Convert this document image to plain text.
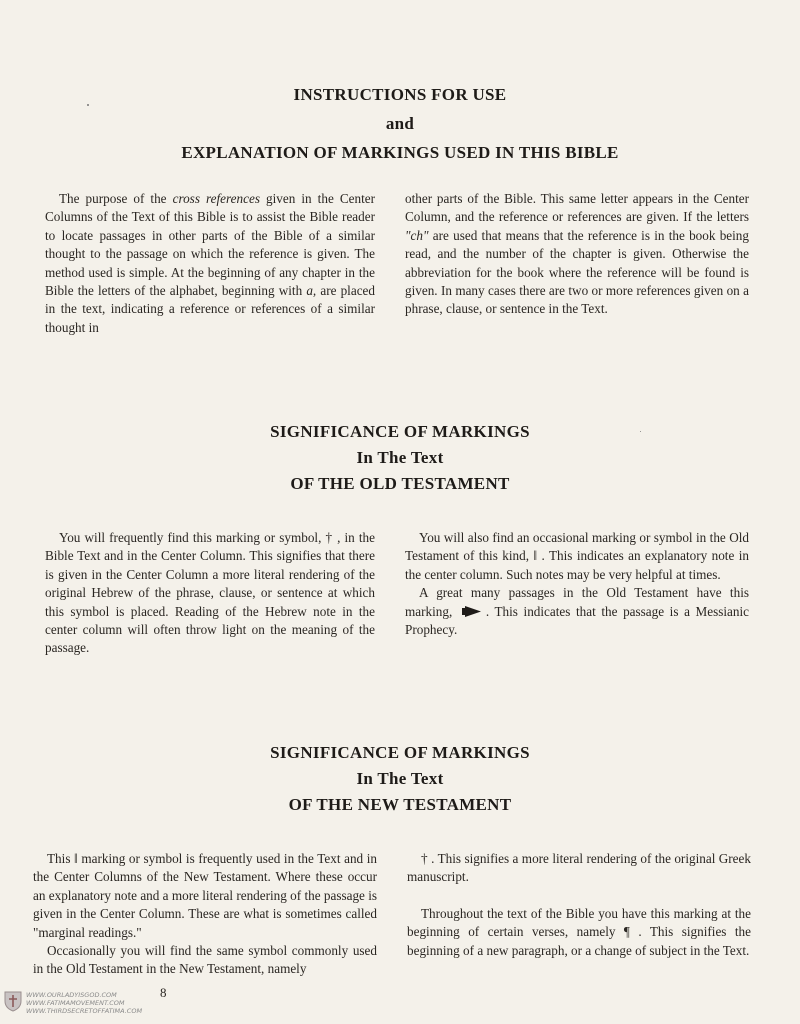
INSTRUCTIONS FOR USE
and
EXPLANATION OF MARKINGS USED IN THIS BIBLE

The purpose of the cross references given in the Center Columns of the Text of this Bible is to assist the Bible reader to locate passages in other parts of the Bible of a similar thought to the passage on which the reference is given. The method used is simple. At the beginning of any chapter in the Bible the letters of the alphabet, beginning with a, are placed in the text, indicating a reference or references of a similar thought in

other parts of the Bible. This same letter appears in the Center Column, and the reference or references are given. If the letters "ch" are used that means that the reference is in the book being read, and the number of the chapter is given. Otherwise the abbreviation for the book where the reference will be found is given. In many cases there are two or more references given on a phrase, clause, or sentence in the Text.

SIGNIFICANCE OF MARKINGS
In The Text
OF THE OLD TESTAMENT

You will frequently find this marking or symbol, † , in the Bible Text and in the Center Column. This signifies that there is given in the Center Column a more literal rendering of the original Hebrew of the phrase, clause, or sentence at which this symbol is placed. Reading of the Hebrew note in the center column will often throw light on the meaning of the passage.

You will also find an occasional marking or symbol in the Old Testament of this kind, ‖ . This indicates an explanatory note in the center column. Such notes may be very helpful at times.

A great many passages in the Old Testament have this marking,	. This indicates that the passage is a Messianic Prophecy.

SIGNIFICANCE OF MARKINGS
In The Text
OF THE NEW TESTAMENT

This ‖ marking or symbol is frequently used in the Text and in the Center Columns of the New Testament. Where these occur an explanatory note and a more literal rendering of the passage is given in the Center Column. These are what is sometimes called "marginal readings."

Occasionally you will find the same symbol commonly used in the Old Testament in the New Testament, namely

† . This signifies a more literal rendering of the original Greek manuscript.

Throughout the text of the Bible you have this marking at the beginning of certain verses, namely ¶ . This signifies the beginning of a new paragraph, or a change of subject in the Text.

8
WWW.OURLADYISGOD.COM
WWW.FATIMAMOVEMENT.COM
WWW.THIRDSECRETOFFATIMA.COM
